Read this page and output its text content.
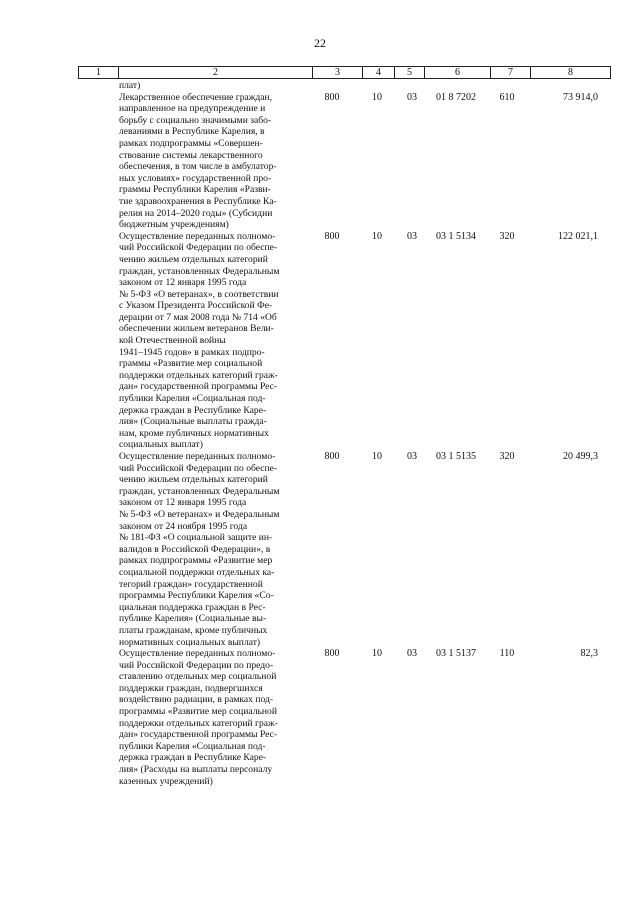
22
1	2	3	4	5	6	7	8
плат)
Лекарственное обеспечение граждан,
направленное на предупреждение и
борьбу с социально значимыми забо-
леваниями в Республике Карелия, в
рамках подпрограммы «Совершен-
ствование системы лекарственного
обеспечения, в том числе в амбулатор-
ных условиях» государственной про-
граммы Республики Карелия «Разви-
тие здравоохранения в Республике Ка-
релия на 2014–2020 годы» (Субсидии
бюджетным учреждениям)
800	10	03	01 8 7202	610	73 914,0
Осуществление переданных полномо-
чий Российской Федерации по обеспе-
чению жильем отдельных категорий
граждан, установленных Федеральным
законом от 12 января 1995 года
№ 5-ФЗ «О ветеранах», в соответствии
с Указом Президента Российской Фе-
дерации от 7 мая 2008 года № 714 «Об
обеспечении жильем ветеранов Вели-
кой Отечественной войны
1941–1945 годов» в рамках подпро-
граммы «Развитие мер социальной
поддержки отдельных категорий граж-
дан» государственной программы Рес-
публики Карелия «Социальная под-
держка граждан в Республике Каре-
лия» (Социальные выплаты гражда-
нам, кроме публичных нормативных
социальных выплат)
800	10	03	03 1 5134	320	122 021,1
Осуществление переданных полномо-
чий Российской Федерации по обеспе-
чению жильем отдельных категорий
граждан, установленных Федеральным
законом от 12 января 1995 года
№ 5-ФЗ «О ветеранах» и Федеральным
законом от 24 ноября 1995 года
№ 181-ФЗ «О социальной защите ин-
валидов в Российской Федерации», в
рамках подпрограммы «Развитие мер
социальной поддержки отдельных ка-
тегорий граждан» государственной
программы Республики Карелия «Со-
циальная поддержка граждан в Рес-
публике Карелия» (Социальные вы-
платы гражданам, кроме публичных
нормативных социальных выплат)
800	10	03	03 1 5135	320	20 499,3
Осуществление переданных полномо-
чий Российской Федерации по предо-
ставлению отдельных мер социальной
поддержки граждан, подвергшихся
воздействию радиации, в рамках под-
программы «Развитие мер социальной
поддержки отдельных категорий граж-
дан» государственной программы Рес-
публики Карелия «Социальная под-
держка граждан в Республике Каре-
лия» (Расходы на выплаты персоналу
казенных учреждений)
800	10	03	03 1 5137	110	82,3
